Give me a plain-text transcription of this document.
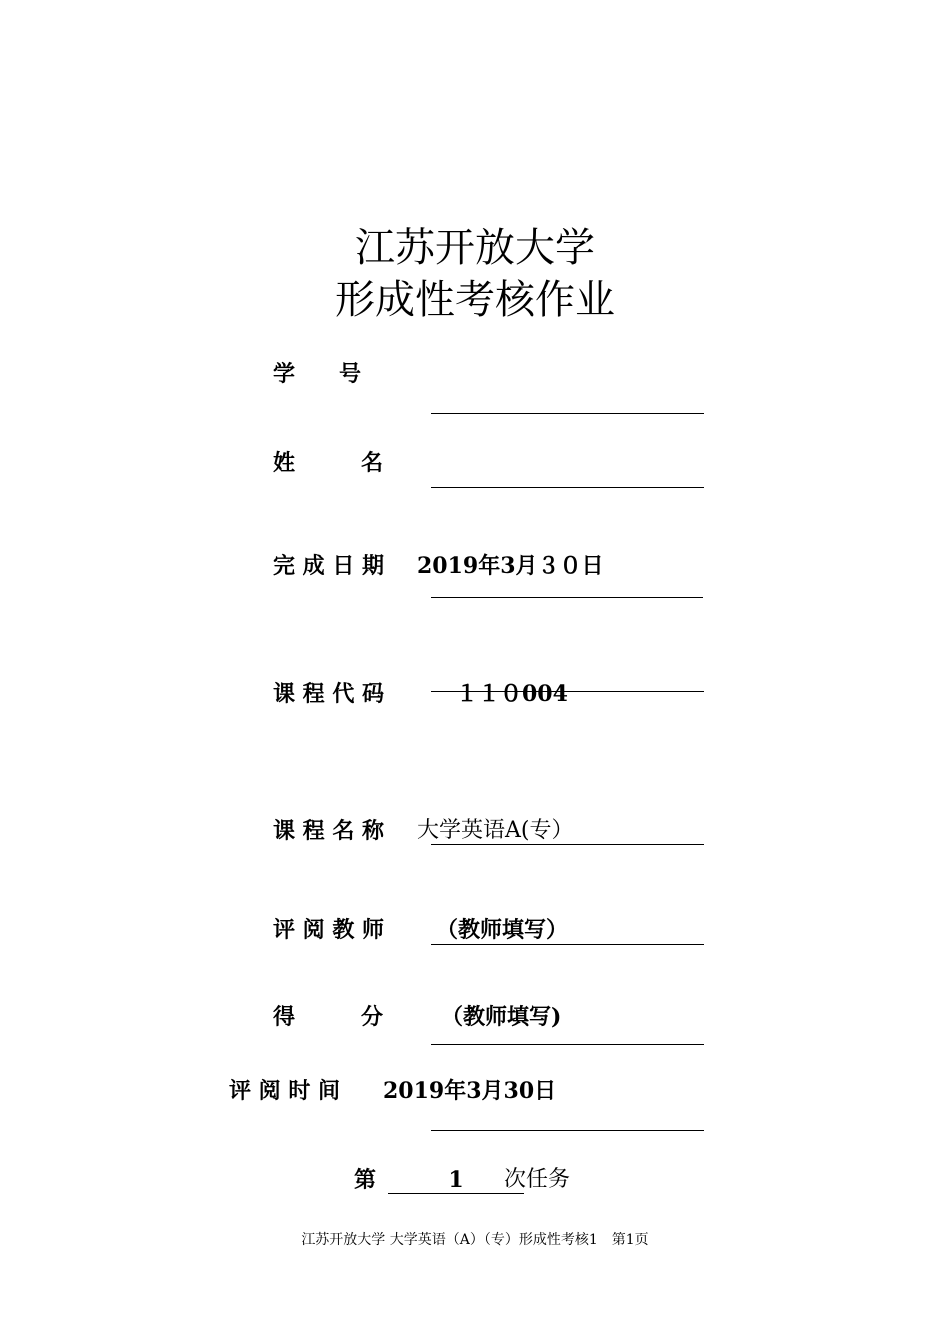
江苏开放大学
形成性考核作业
学　　号
姓　　　名
完 成 日 期 2019年3月３０日
课 程 代 码	１１０004
课 程 名 称 大学英语A(专）
评 阅 教 师 （教师填写）
得　　　分	（教师填写)
评 阅 时 间 2019年3月30日
第	1	次任务
江苏开放大学 大学英语（A）（专）形成性考核1　第1页
